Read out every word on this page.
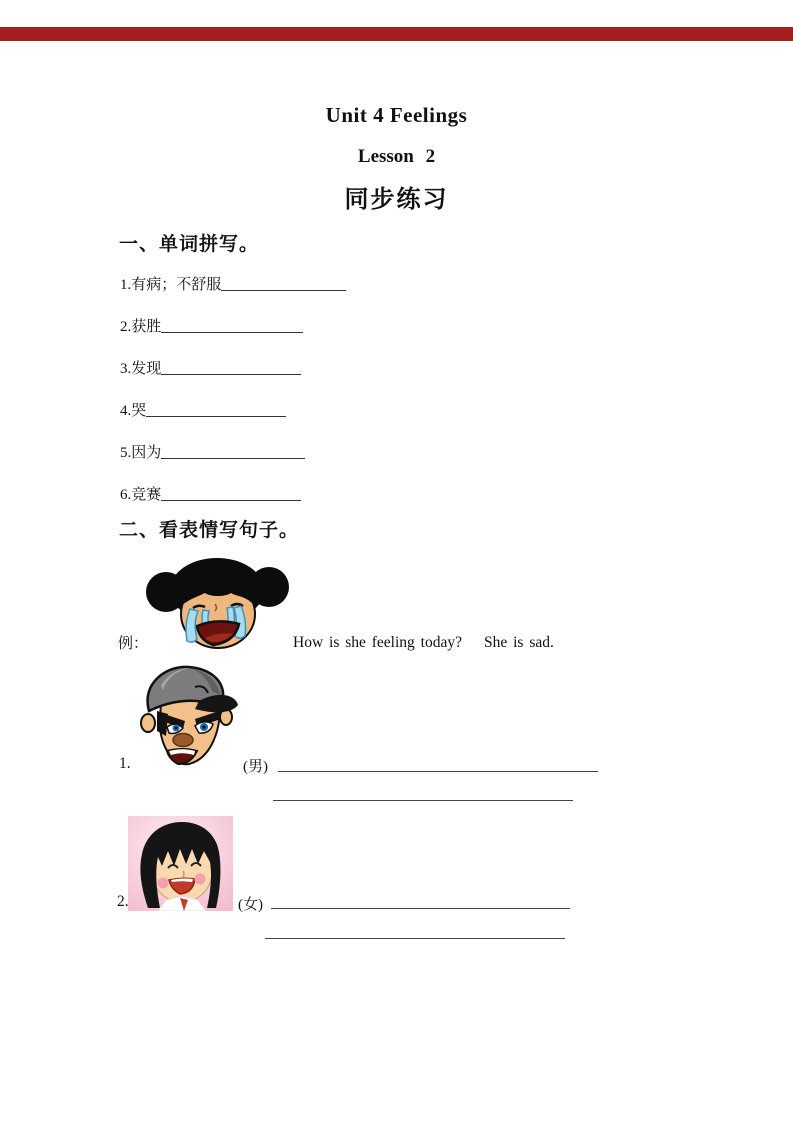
Unit 4 Feelings
Lesson 2
同步练习
一、单词拼写。
1.有病；不舒服
2.获胜
3.发现
4.哭
5.因为
6.竞赛
二、看表情写句子。
例：	How is she feeling today? She is sad.
1.	(男)
2.	(女)
